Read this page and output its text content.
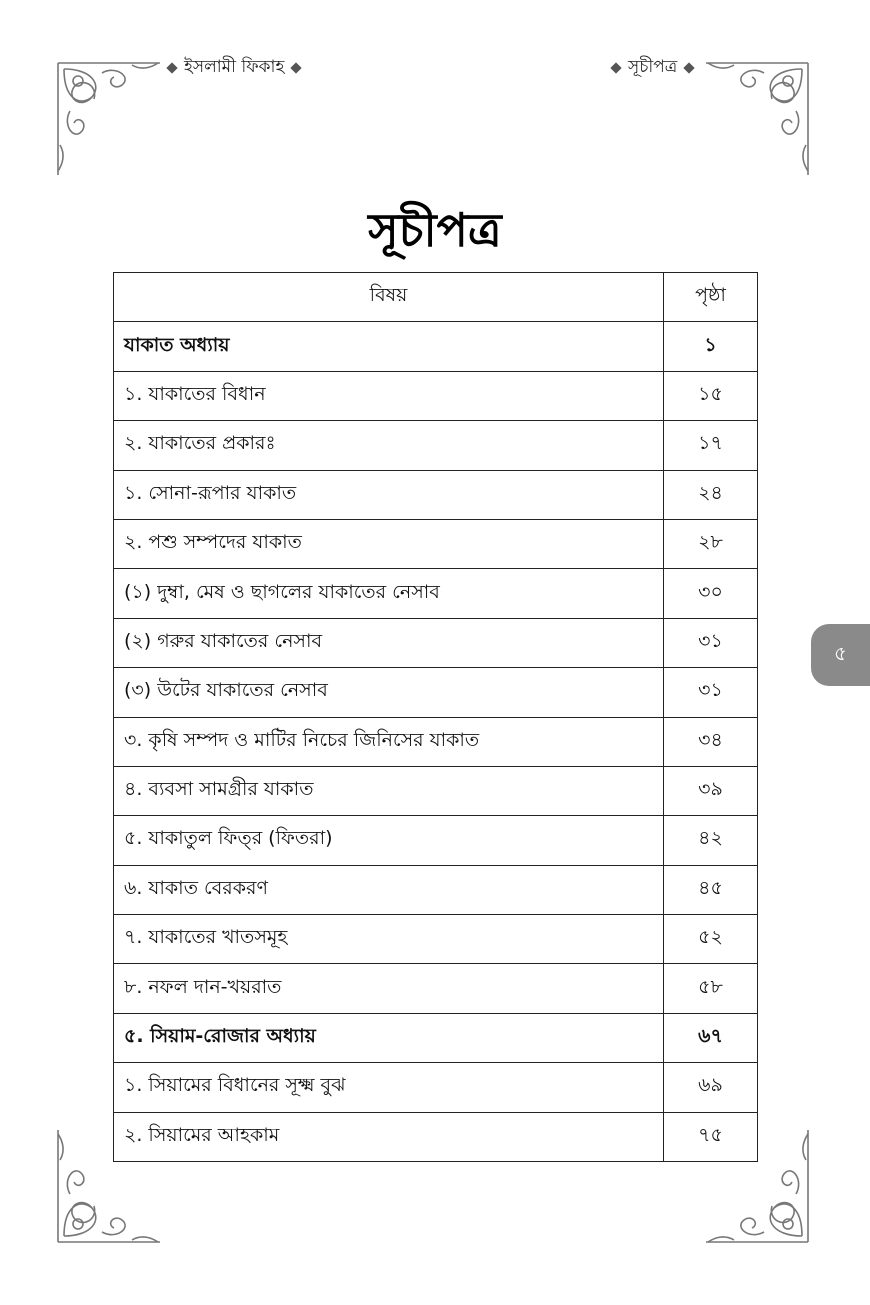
ইসলামী ফিকাহ	সূচীপত্র
সূচীপত্র
বিষয়	পৃষ্ঠা
যাকাত অধ্যায়	১
১. যাকাতের বিধান	১৫
২. যাকাতের প্রকারঃ	১৭
১. সোনা-রূপার যাকাত	২৪
২. পশু সম্পদের যাকাত	২৮
(১) দুম্বা, মেষ ও ছাগলের যাকাতের নেসাব	৩০
(২) গরুর যাকাতের নেসাব	৩১
(৩) উটের যাকাতের নেসাব	৩১
৩. কৃষি সম্পদ ও মাটির নিচের জিনিসের যাকাত	৩৪
৪. ব্যবসা সামগ্রীর যাকাত	৩৯
৫. যাকাতুল ফিত্‌র (ফিতরা)	৪২
৬. যাকাত বেরকরণ	৪৫
৭. যাকাতের খাতসমূহ	৫২
৮. নফল দান-খয়রাত	৫৮
৫. সিয়াম-রোজার অধ্যায়	৬৭
১. সিয়ামের বিধানের সূক্ষ্ম বুঝ	৬৯
২. সিয়ামের আহকাম	৭৫
৫
